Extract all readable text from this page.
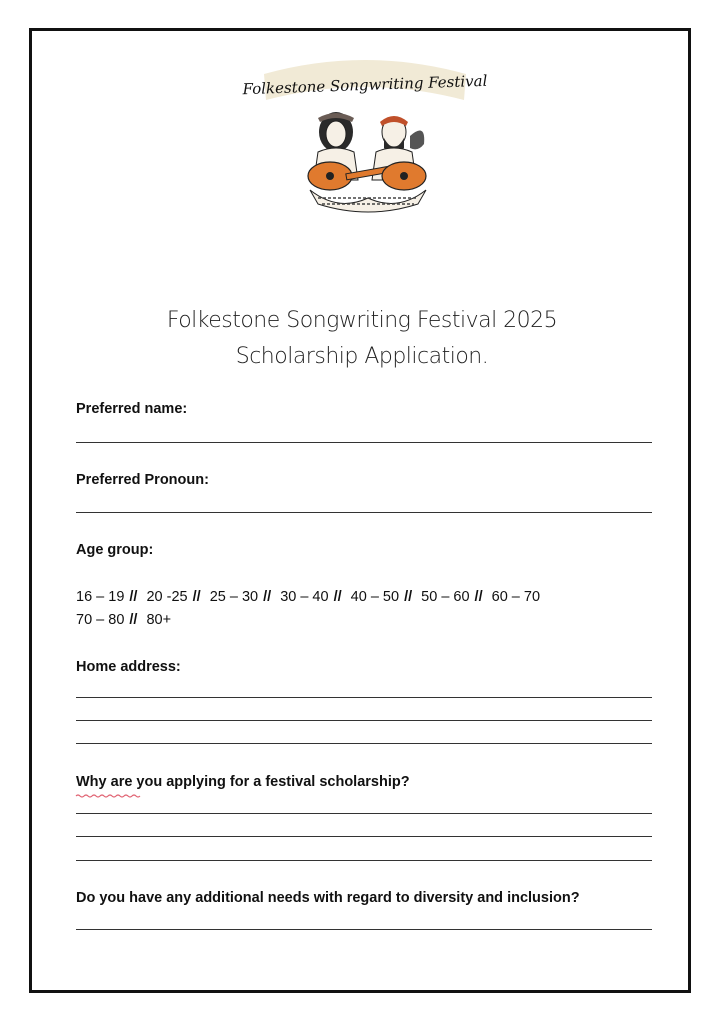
Folkestone Songwriting Festival
Folkestone Songwriting Festival 2025
Scholarship Application.
Preferred name:
Preferred Pronoun:
Age group:
16 – 19 // 20 -25 // 25 – 30 // 30 – 40 // 40 – 50 // 50 – 60 // 60 – 70
70 – 80 // 80+
Home address:
Why are you applying for a festival scholarship?
Do you have any additional needs with regard to diversity and inclusion?
